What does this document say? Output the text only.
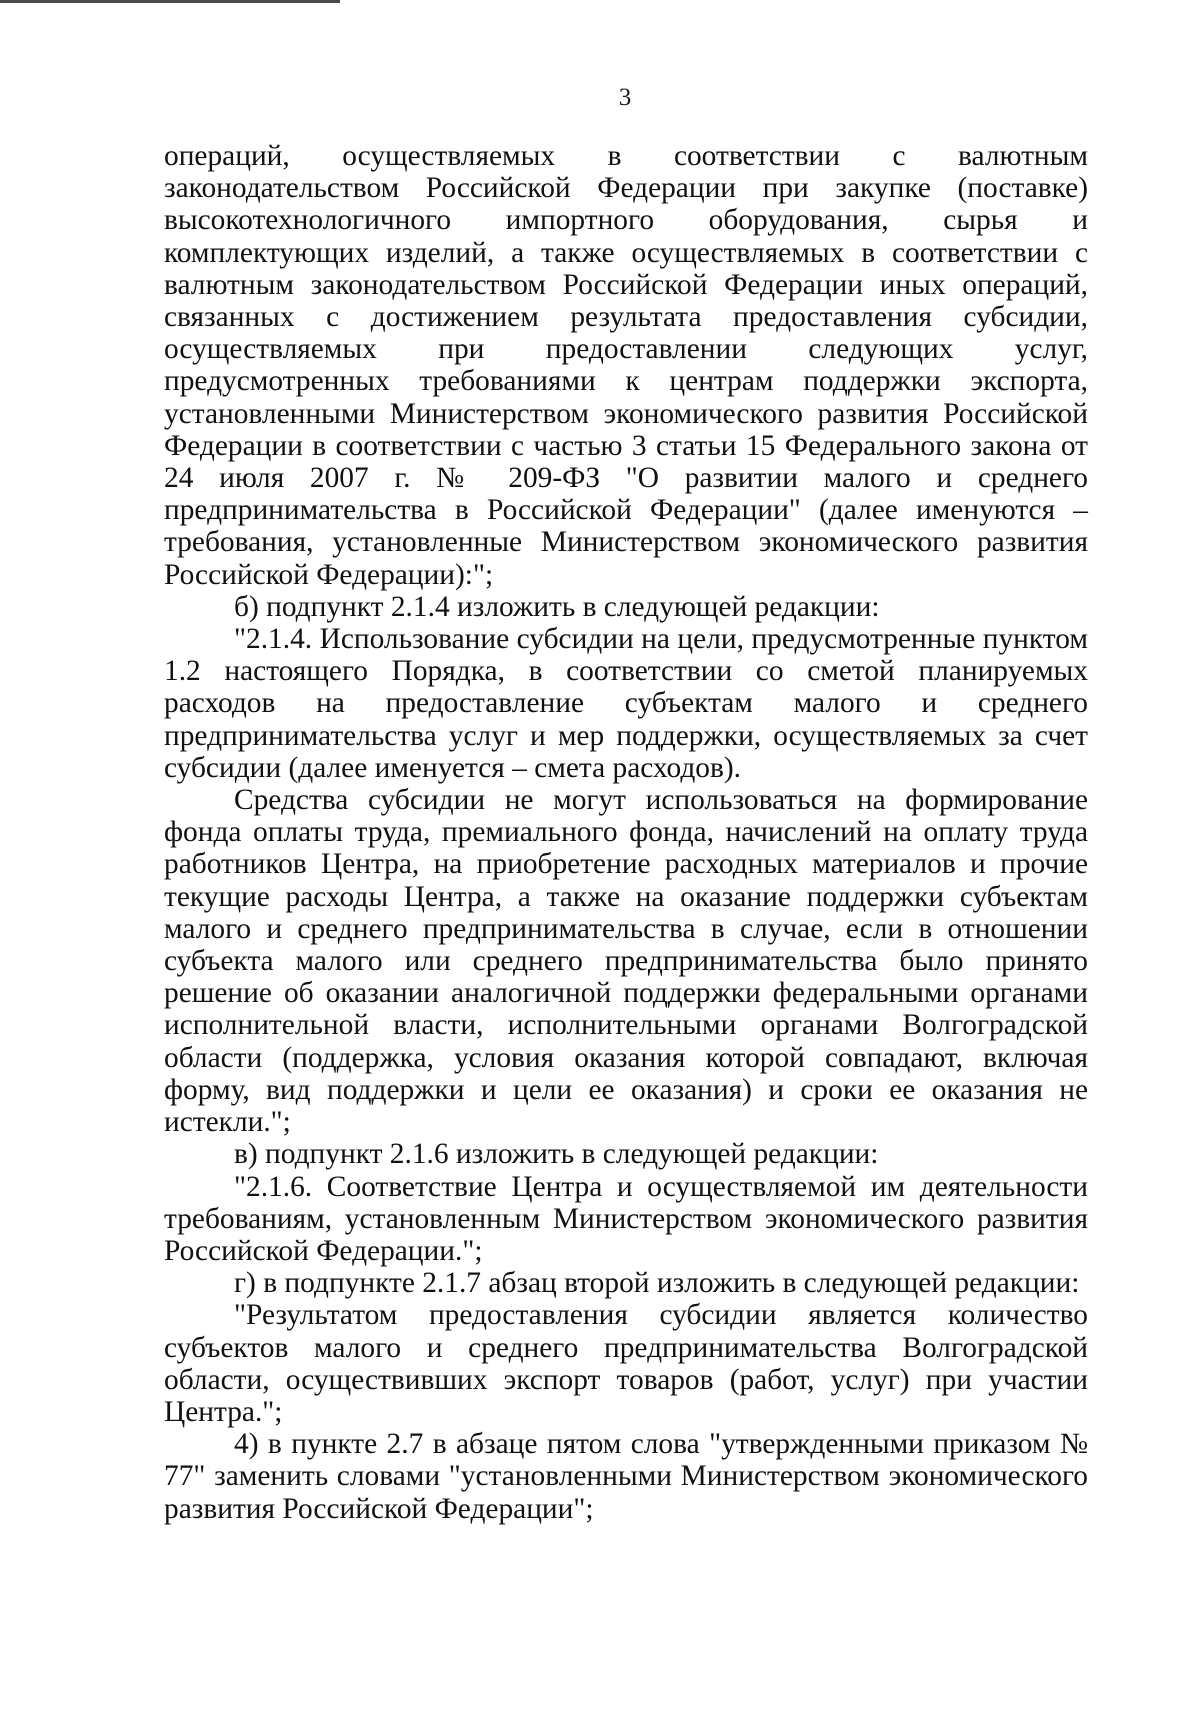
3

операций, осуществляемых в соответствии с валютным законодательством Российской Федерации при закупке (поставке) высокотехнологичного импортного оборудования, сырья и комплектующих изделий, а также осуществляемых в соответствии с валютным законодательством Российской Федерации иных операций, связанных с достижением результата предоставления субсидии, осуществляемых при предоставлении следующих услуг, предусмотренных требованиями к центрам поддержки экспорта, установленными Министерством экономического развития Российской Федерации в соответствии с частью 3 статьи 15 Федерального закона от 24 июля 2007 г. № 209-ФЗ "О развитии малого и среднего предпринимательства в Российской Федерации" (далее именуются – требования, установленные Министерством экономического развития Российской Федерации):";

б) подпункт 2.1.4 изложить в следующей редакции:

"2.1.4. Использование субсидии на цели, предусмотренные пунктом 1.2 настоящего Порядка, в соответствии со сметой планируемых расходов на предоставление субъектам малого и среднего предпринимательства услуг и мер поддержки, осуществляемых за счет субсидии (далее именуется – смета расходов).

Средства субсидии не могут использоваться на формирование фонда оплаты труда, премиального фонда, начислений на оплату труда работников Центра, на приобретение расходных материалов и прочие текущие расходы Центра, а также на оказание поддержки субъектам малого и среднего предпринимательства в случае, если в отношении субъекта малого или среднего предпринимательства было принято решение об оказании аналогичной поддержки федеральными органами исполнительной власти, исполнительными органами Волгоградской области (поддержка, условия оказания которой совпадают, включая форму, вид поддержки и цели ее оказания) и сроки ее оказания не истекли.";

в) подпункт 2.1.6 изложить в следующей редакции:

"2.1.6. Соответствие Центра и осуществляемой им деятельности требованиям, установленным Министерством экономического развития Российской Федерации.";

г) в подпункте 2.1.7 абзац второй изложить в следующей редакции:

"Результатом предоставления субсидии является количество субъектов малого и среднего предпринимательства Волгоградской области, осуществивших экспорт товаров (работ, услуг) при участии Центра.";

4) в пункте 2.7 в абзаце пятом слова "утвержденными приказом № 77" заменить словами "установленными Министерством экономического развития Российской Федерации";
